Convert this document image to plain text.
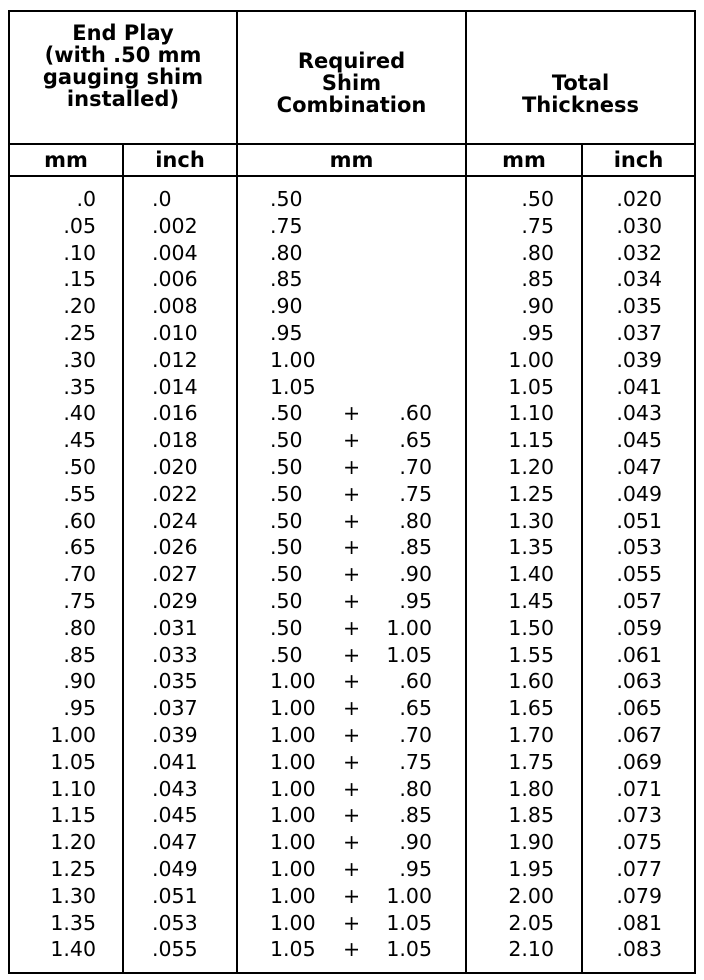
End Play
(with .50 mm
gauging shim
installed)
Required
Shim
Combination
Total
Thickness
mm	inch	mm	mm	inch
.0	.0	.50	.50	.020
.05	.002	.75	.75	.030
.10	.004	.80	.80	.032
.15	.006	.85	.85	.034
.20	.008	.90	.90	.035
.25	.010	.95	.95	.037
.30	.012	1.00	1.00	.039
.35	.014	1.05	1.05	.041
.40	.016	.50	+	.60	1.10	.043
.45	.018	.50	+	.65	1.15	.045
.50	.020	.50	+	.70	1.20	.047
.55	.022	.50	+	.75	1.25	.049
.60	.024	.50	+	.80	1.30	.051
.65	.026	.50	+	.85	1.35	.053
.70	.027	.50	+	.90	1.40	.055
.75	.029	.50	+	.95	1.45	.057
.80	.031	.50	+	1.00	1.50	.059
.85	.033	.50	+	1.05	1.55	.061
.90	.035	1.00	+	.60	1.60	.063
.95	.037	1.00	+	.65	1.65	.065
1.00	.039	1.00	+	.70	1.70	.067
1.05	.041	1.00	+	.75	1.75	.069
1.10	.043	1.00	+	.80	1.80	.071
1.15	.045	1.00	+	.85	1.85	.073
1.20	.047	1.00	+	.90	1.90	.075
1.25	.049	1.00	+	.95	1.95	.077
1.30	.051	1.00	+	1.00	2.00	.079
1.35	.053	1.00	+	1.05	2.05	.081
1.40	.055	1.05	+	1.05	2.10	.083
